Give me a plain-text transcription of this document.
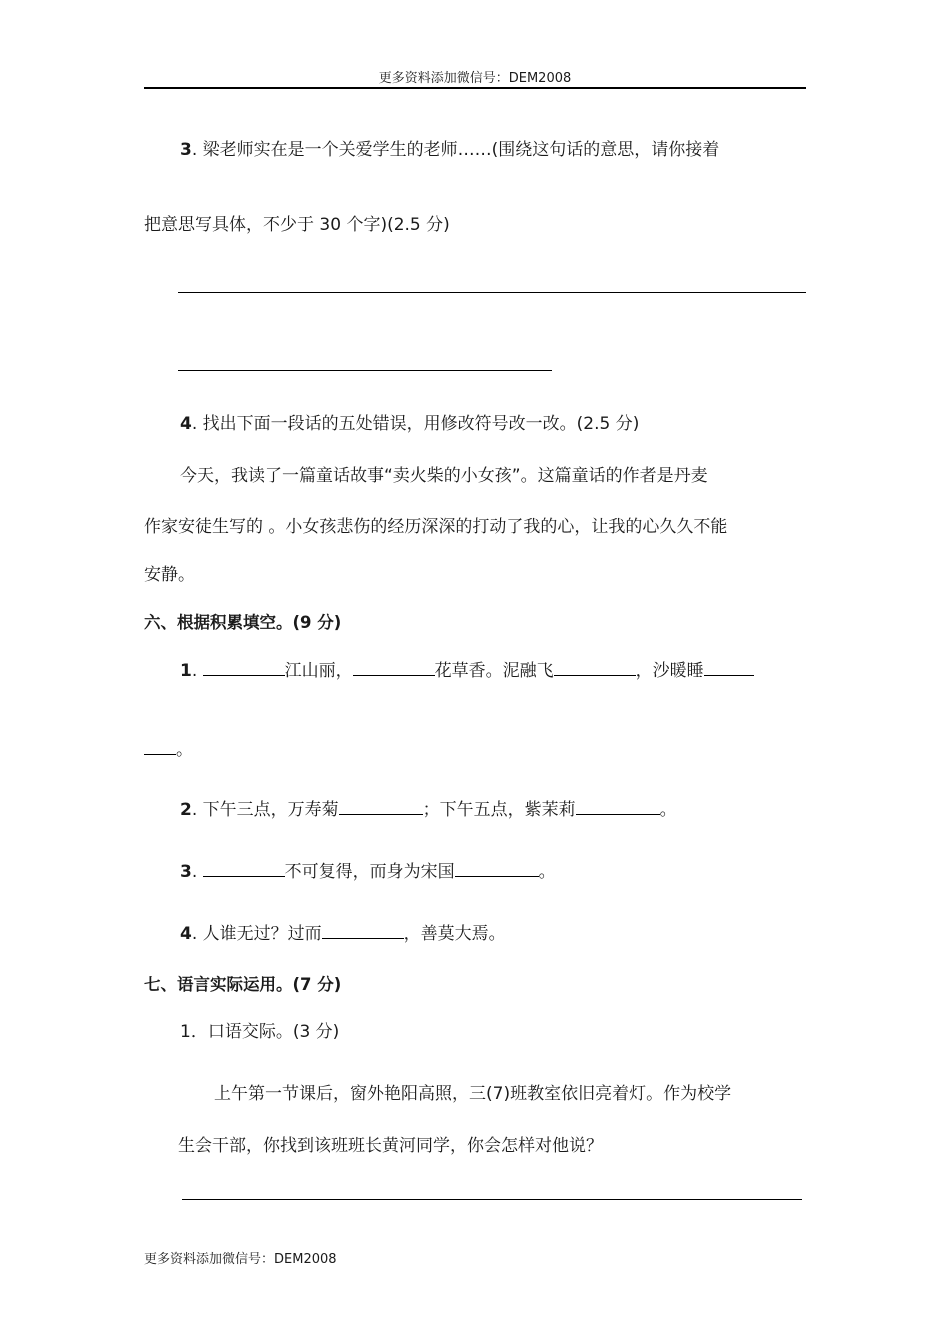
更多资料添加微信号：DEM2008
3. 梁老师实在是一个关爱学生的老师……(围绕这句话的意思，请你接着
把意思写具体，不少于 30 个字)(2.5 分)
4. 找出下面一段话的五处错误，用修改符号改一改。(2.5 分)
今天，我读了一篇童话故事“卖火柴的小女孩”。这篇童话的作者是丹麦
作家安徒生写的 。小女孩悲伤的经历深深的打动了我的心，让我的心久久不能
安静。
六、根据积累填空。(9 分)
1.	江山丽，	花草香。泥融飞	，沙暖睡
。
2. 下午三点，万寿菊	；下午五点，紫茉莉	。
3.	不可复得，而身为宋国	。
4. 人谁无过？过而	，善莫大焉。
七、语言实际运用。(7 分)
1．口语交际。(3 分)
上午第一节课后，窗外艳阳高照，三(7)班教室依旧亮着灯。作为校学
生会干部，你找到该班班长黄河同学，你会怎样对他说？
更多资料添加微信号：DEM2008
